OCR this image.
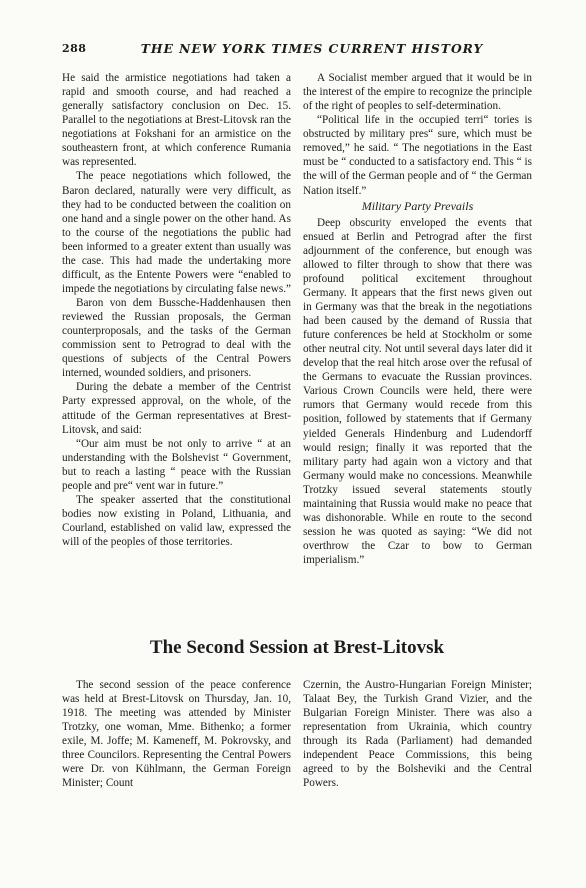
288	THE NEW YORK TIMES CURRENT HISTORY

He said the armistice negotiations had taken a rapid and smooth course, and had reached a generally satisfactory conclusion on Dec. 15. Parallel to the negotiations at Brest-Litovsk ran the negotiations at Fokshani for an armistice on the southeastern front, at which conference Rumania was represented.

The peace negotiations which followed, the Baron declared, naturally were very difficult, as they had to be conducted between the coalition on one hand and a single power on the other hand. As to the course of the negotiations the public had been informed to a greater extent than usually was the case. This had made the undertaking more difficult, as the Entente Powers were “enabled to impede the negotiations by circulating false news.”

Baron von dem Bussche-Haddenhausen then reviewed the Russian proposals, the German counterproposals, and the tasks of the German commission sent to Petrograd to deal with the questions of subjects of the Central Powers interned, wounded soldiers, and prisoners.

During the debate a member of the Centrist Party expressed approval, on the whole, of the attitude of the German representatives at Brest-Litovsk, and said:

“Our aim must be not only to arrive “ at an understanding with the Bolshevist “ Government, but to reach a lasting “ peace with the Russian people and pre“ vent war in future.”

The speaker asserted that the constitutional bodies now existing in Poland, Lithuania, and Courland, established on valid law, expressed the will of the peoples of those territories.

A Socialist member argued that it would be in the interest of the empire to recognize the principle of the right of peoples to self-determination.

“Political life in the occupied terri“ tories is obstructed by military pres“ sure, which must be removed,” he said. “ The negotiations in the East must be “ conducted to a satisfactory end. This “ is the will of the German people and of “ the German Nation itself.”

Military Party Prevails

Deep obscurity enveloped the events that ensued at Berlin and Petrograd after the first adjournment of the conference, but enough was allowed to filter through to show that there was profound political excitement throughout Germany. It appears that the first news given out in Germany was that the break in the negotiations had been caused by the demand of Russia that future conferences be held at Stockholm or some other neutral city. Not until several days later did it develop that the real hitch arose over the refusal of the Germans to evacuate the Russian provinces. Various Crown Councils were held, there were rumors that Germany would recede from this position, followed by statements that if Germany yielded Generals Hindenburg and Ludendorff would resign; finally it was reported that the military party had again won a victory and that Germany would make no concessions. Meanwhile Trotzky issued several statements stoutly maintaining that Russia would make no peace that was dishonorable. While en route to the second session he was quoted as saying: “We did not overthrow the Czar to bow to German imperialism.”

The Second Session at Brest-Litovsk

The second session of the peace conference was held at Brest-Litovsk on Thursday, Jan. 10, 1918. The meeting was attended by Minister Trotzky, one woman, Mme. Bithenko; a former exile, M. Joffe; M. Kameneff, M. Pokrovsky, and three Councilors. Representing the Central Powers were Dr. von Kühlmann, the German Foreign Minister; Count

Czernin, the Austro-Hungarian Foreign Minister; Talaat Bey, the Turkish Grand Vizier, and the Bulgarian Foreign Minister. There was also a representation from Ukrainia, which country through its Rada (Parliament) had demanded independent Peace Commissions, this being agreed to by the Bolsheviki and the Central Powers.
